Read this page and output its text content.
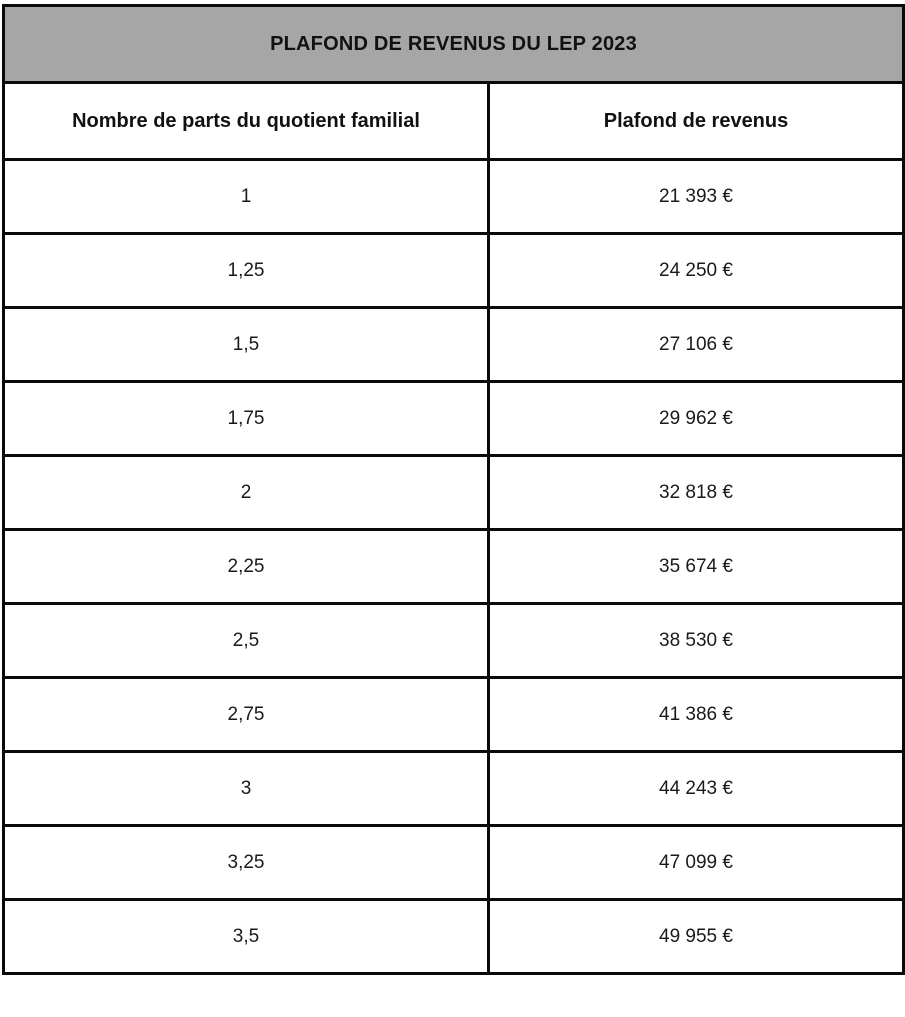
PLAFOND DE REVENUS DU LEP 2023	
Nombre de parts du quotient familial	Plafond de revenus
1	21 393 €
1,25	24 250 €
1,5	27 106 €
1,75	29 962 €
2	32 818 €
2,25	35 674 €
2,5	38 530 €
2,75	41 386 €
3	44 243 €
3,25	47 099 €
3,5	49 955 €
